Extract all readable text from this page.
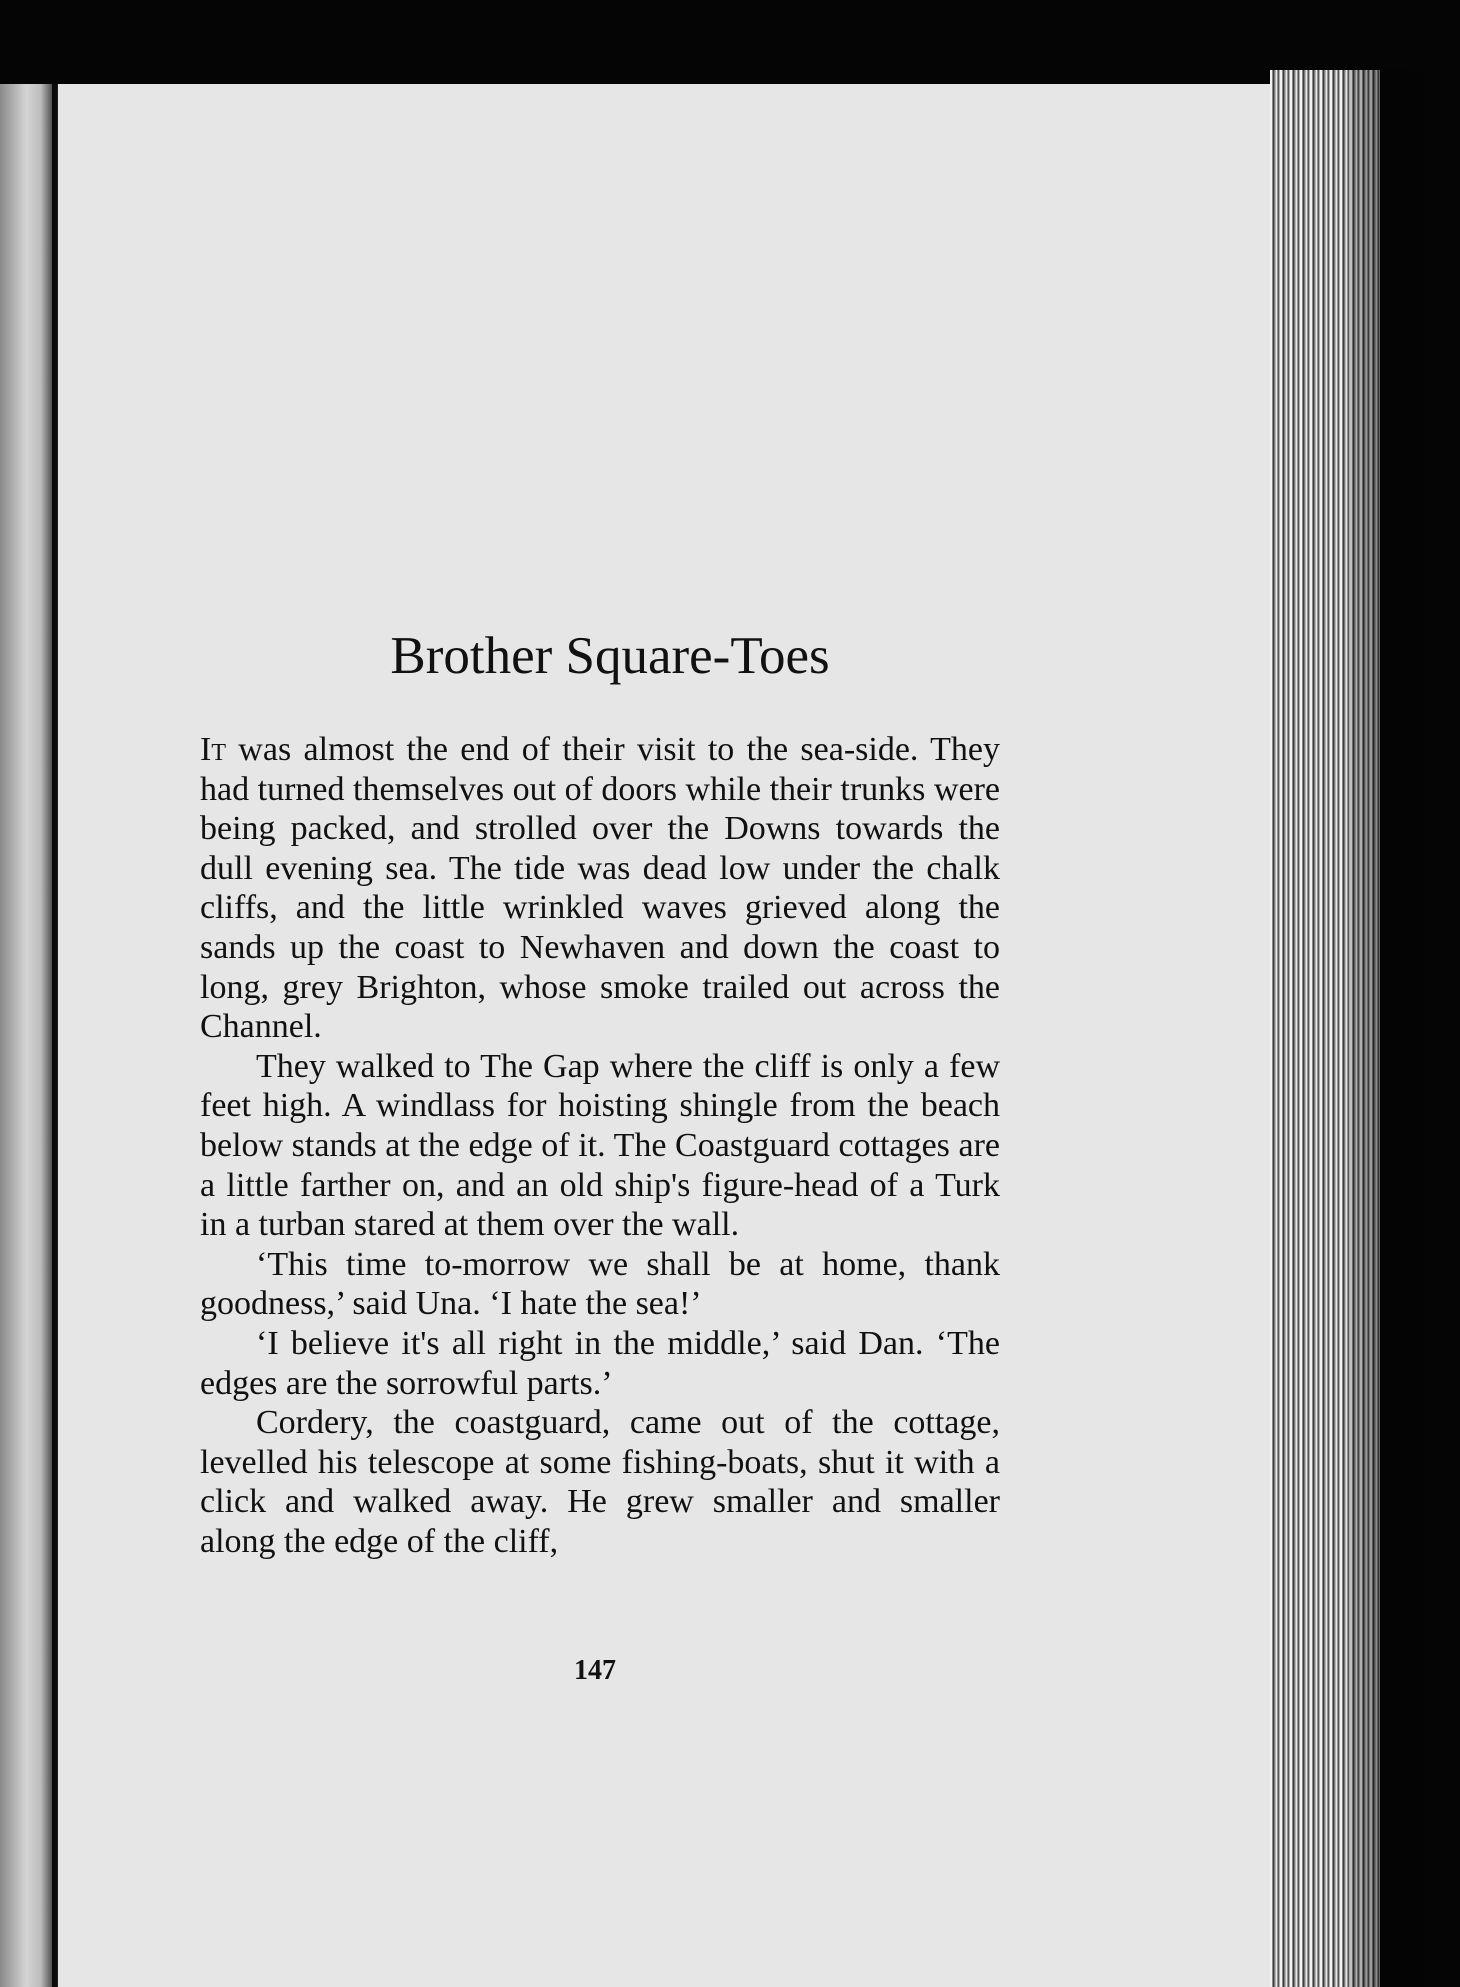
Brother Square-Toes

It was almost the end of their visit to the sea-side. They had turned themselves out of doors while their trunks were being packed, and strolled over the Downs towards the dull evening sea. The tide was dead low under the chalk cliffs, and the little wrinkled waves grieved along the sands up the coast to Newhaven and down the coast to long, grey Brighton, whose smoke trailed out across the Channel.

They walked to The Gap where the cliff is only a few feet high. A windlass for hoisting shingle from the beach below stands at the edge of it. The Coastguard cottages are a little farther on, and an old ship's figure-head of a Turk in a turban stared at them over the wall.

‘This time to-morrow we shall be at home, thank goodness,’ said Una. ‘I hate the sea!’

‘I believe it's all right in the middle,’ said Dan. ‘The edges are the sorrowful parts.’

Cordery, the coastguard, came out of the cottage, levelled his telescope at some fishing-boats, shut it with a click and walked away. He grew smaller and smaller along the edge of the cliff,

147
